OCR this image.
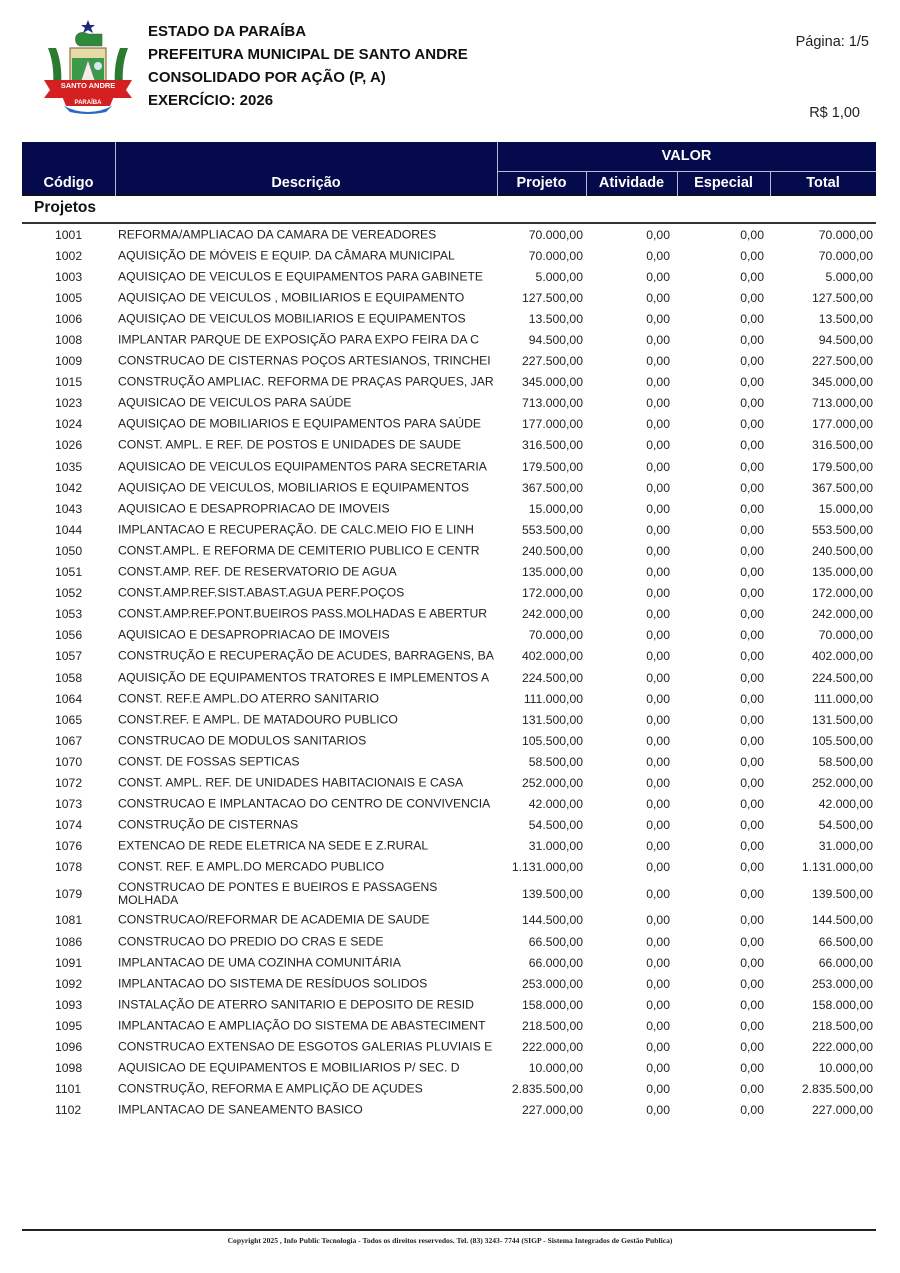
SANTO ANDRE
PARAÍBA
ESTADO DA PARAÍBA
PREFEITURA MUNICIPAL DE SANTO ANDRE
CONSOLIDADO POR AÇÃO (P, A)
EXERCÍCIO: 2026
Página: 1/5
R$ 1,00
VALOR
Código	Descrição	Projeto	Atividade	Especial	Total
Projetos
1001	REFORMA/AMPLIACAO DA CAMARA DE VEREADORES	70.000,00	0,00	0,00	70.000,00
1002	AQUISIÇÃO DE MÓVEIS E EQUIP. DA CÂMARA MUNICIPAL	70.000,00	0,00	0,00	70.000,00
1003	AQUISIÇAO DE VEICULOS E EQUIPAMENTOS PARA GABINETE	5.000,00	0,00	0,00	5.000,00
1005	AQUISIÇAO DE VEICULOS , MOBILIARIOS E EQUIPAMENTO	127.500,00	0,00	0,00	127.500,00
1006	AQUISIÇAO DE VEICULOS MOBILIARIOS E EQUIPAMENTOS	13.500,00	0,00	0,00	13.500,00
1008	IMPLANTAR PARQUE DE EXPOSIÇÃO PARA EXPO FEIRA DA C	94.500,00	0,00	0,00	94.500,00
1009	CONSTRUCAO DE CISTERNAS POÇOS ARTESIANOS, TRINCHEI	227.500,00	0,00	0,00	227.500,00
1015	CONSTRUÇÃO AMPLIAC. REFORMA DE PRAÇAS PARQUES, JAR	345.000,00	0,00	0,00	345.000,00
1023	AQUISICAO DE VEICULOS PARA SAÚDE	713.000,00	0,00	0,00	713.000,00
1024	AQUISIÇAO DE MOBILIARIOS E EQUIPAMENTOS PARA SAÚDE	177.000,00	0,00	0,00	177.000,00
1026	CONST. AMPL. E REF. DE POSTOS E UNIDADES DE SAUDE	316.500,00	0,00	0,00	316.500,00
1035	AQUISICAO DE VEICULOS EQUIPAMENTOS PARA SECRETARIA	179.500,00	0,00	0,00	179.500,00
1042	AQUISIÇAO DE VEICULOS, MOBILIARIOS E EQUIPAMENTOS	367.500,00	0,00	0,00	367.500,00
1043	AQUISICAO E DESAPROPRIACAO DE IMOVEIS	15.000,00	0,00	0,00	15.000,00
1044	IMPLANTACAO E RECUPERAÇÃO. DE CALC.MEIO FIO E LINH	553.500,00	0,00	0,00	553.500,00
1050	CONST.AMPL. E REFORMA DE CEMITERIO PUBLICO E CENTR	240.500,00	0,00	0,00	240.500,00
1051	CONST.AMP. REF. DE RESERVATORIO DE AGUA	135.000,00	0,00	0,00	135.000,00
1052	CONST.AMP.REF.SIST.ABAST.AGUA PERF.POÇOS	172.000,00	0,00	0,00	172.000,00
1053	CONST.AMP.REF.PONT.BUEIROS PASS.MOLHADAS E ABERTUR	242.000,00	0,00	0,00	242.000,00
1056	AQUISICAO E DESAPROPRIACAO DE IMOVEIS	70.000,00	0,00	0,00	70.000,00
1057	CONSTRUÇÃO E RECUPERAÇÃO DE ACUDES, BARRAGENS, BA	402.000,00	0,00	0,00	402.000,00
1058	AQUISIÇÃO DE EQUIPAMENTOS TRATORES E IMPLEMENTOS A	224.500,00	0,00	0,00	224.500,00
1064	CONST. REF.E AMPL.DO ATERRO SANITARIO	111.000,00	0,00	0,00	111.000,00
1065	CONST.REF. E AMPL. DE MATADOURO PUBLICO	131.500,00	0,00	0,00	131.500,00
1067	CONSTRUCAO DE MODULOS SANITARIOS	105.500,00	0,00	0,00	105.500,00
1070	CONST. DE FOSSAS SEPTICAS	58.500,00	0,00	0,00	58.500,00
1072	CONST. AMPL. REF. DE UNIDADES HABITACIONAIS E CASA	252.000,00	0,00	0,00	252.000,00
1073	CONSTRUCAO E IMPLANTACAO DO CENTRO DE CONVIVENCIA	42.000,00	0,00	0,00	42.000,00
1074	CONSTRUÇÃO DE CISTERNAS	54.500,00	0,00	0,00	54.500,00
1076	EXTENCAO DE REDE ELETRICA NA SEDE E Z.RURAL	31.000,00	0,00	0,00	31.000,00
1078	CONST. REF. E AMPL.DO MERCADO PUBLICO	1.131.000,00	0,00	0,00	1.131.000,00
1079	CONSTRUCAO DE PONTES E BUEIROS E PASSAGENS MOLHADA	139.500,00	0,00	0,00	139.500,00
1081	CONSTRUCAO/REFORMAR DE ACADEMIA DE SAUDE	144.500,00	0,00	0,00	144.500,00
1086	CONSTRUCAO DO PREDIO DO CRAS E SEDE	66.500,00	0,00	0,00	66.500,00
1091	IMPLANTACAO DE UMA COZINHA COMUNITÁRIA	66.000,00	0,00	0,00	66.000,00
1092	IMPLANTACAO DO SISTEMA DE RESÍDUOS SOLIDOS	253.000,00	0,00	0,00	253.000,00
1093	INSTALAÇÃO DE ATERRO SANITARIO E DEPOSITO DE RESID	158.000,00	0,00	0,00	158.000,00
1095	IMPLANTACAO E AMPLIAÇÃO DO SISTEMA DE ABASTECIMENT	218.500,00	0,00	0,00	218.500,00
1096	CONSTRUCAO EXTENSAO DE ESGOTOS GALERIAS PLUVIAIS E	222.000,00	0,00	0,00	222.000,00
1098	AQUISICAO DE EQUIPAMENTOS E MOBILIARIOS P/ SEC. D	10.000,00	0,00	0,00	10.000,00
1101	CONSTRUÇÃO, REFORMA E AMPLIÇÃO DE AÇUDES	2.835.500,00	0,00	0,00	2.835.500,00
1102	IMPLANTACAO DE SANEAMENTO BASICO	227.000,00	0,00	0,00	227.000,00
Copyright 2025 , Info Public Tecnologia - Todos os direitos reservedos. Tel. (83) 3243- 7744 (SIGP - Sistema Integrados de Gestão Publica)
